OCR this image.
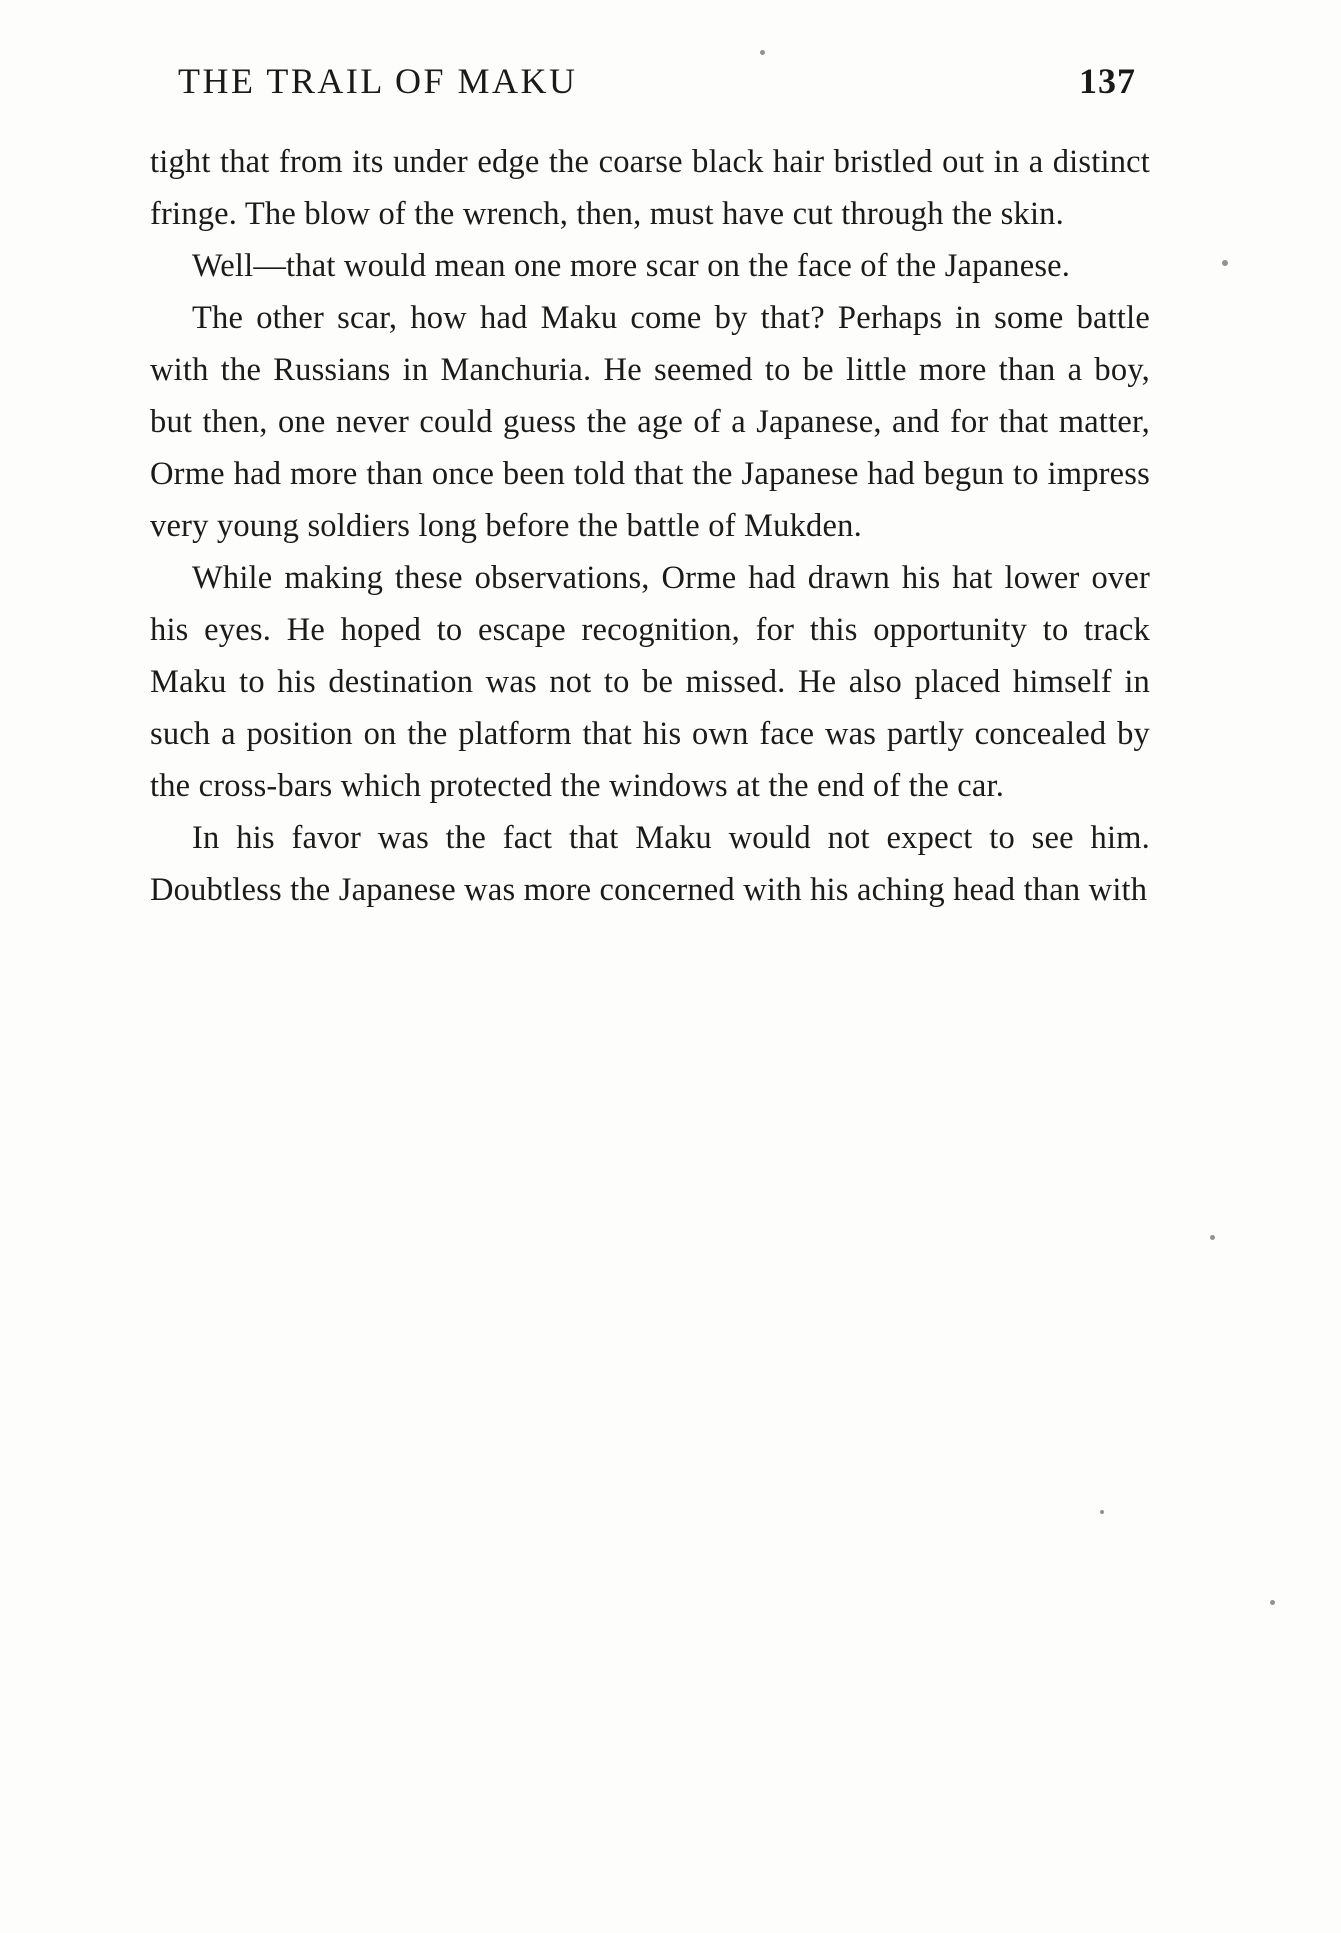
THE TRAIL OF MAKU	137

tight that from its under edge the coarse black hair bristled out in a distinct fringe. The blow of the wrench, then, must have cut through the skin.

Well—that would mean one more scar on the face of the Japanese.

The other scar, how had Maku come by that? Perhaps in some battle with the Russians in Manchuria. He seemed to be little more than a boy, but then, one never could guess the age of a Japanese, and for that matter, Orme had more than once been told that the Japanese had begun to impress very young soldiers long before the battle of Mukden.

While making these observations, Orme had drawn his hat lower over his eyes. He hoped to escape recognition, for this opportunity to track Maku to his destination was not to be missed. He also placed himself in such a position on the platform that his own face was partly concealed by the cross-bars which protected the windows at the end of the car.

In his favor was the fact that Maku would not expect to see him. Doubtless the Japanese was more concerned with his aching head than with
